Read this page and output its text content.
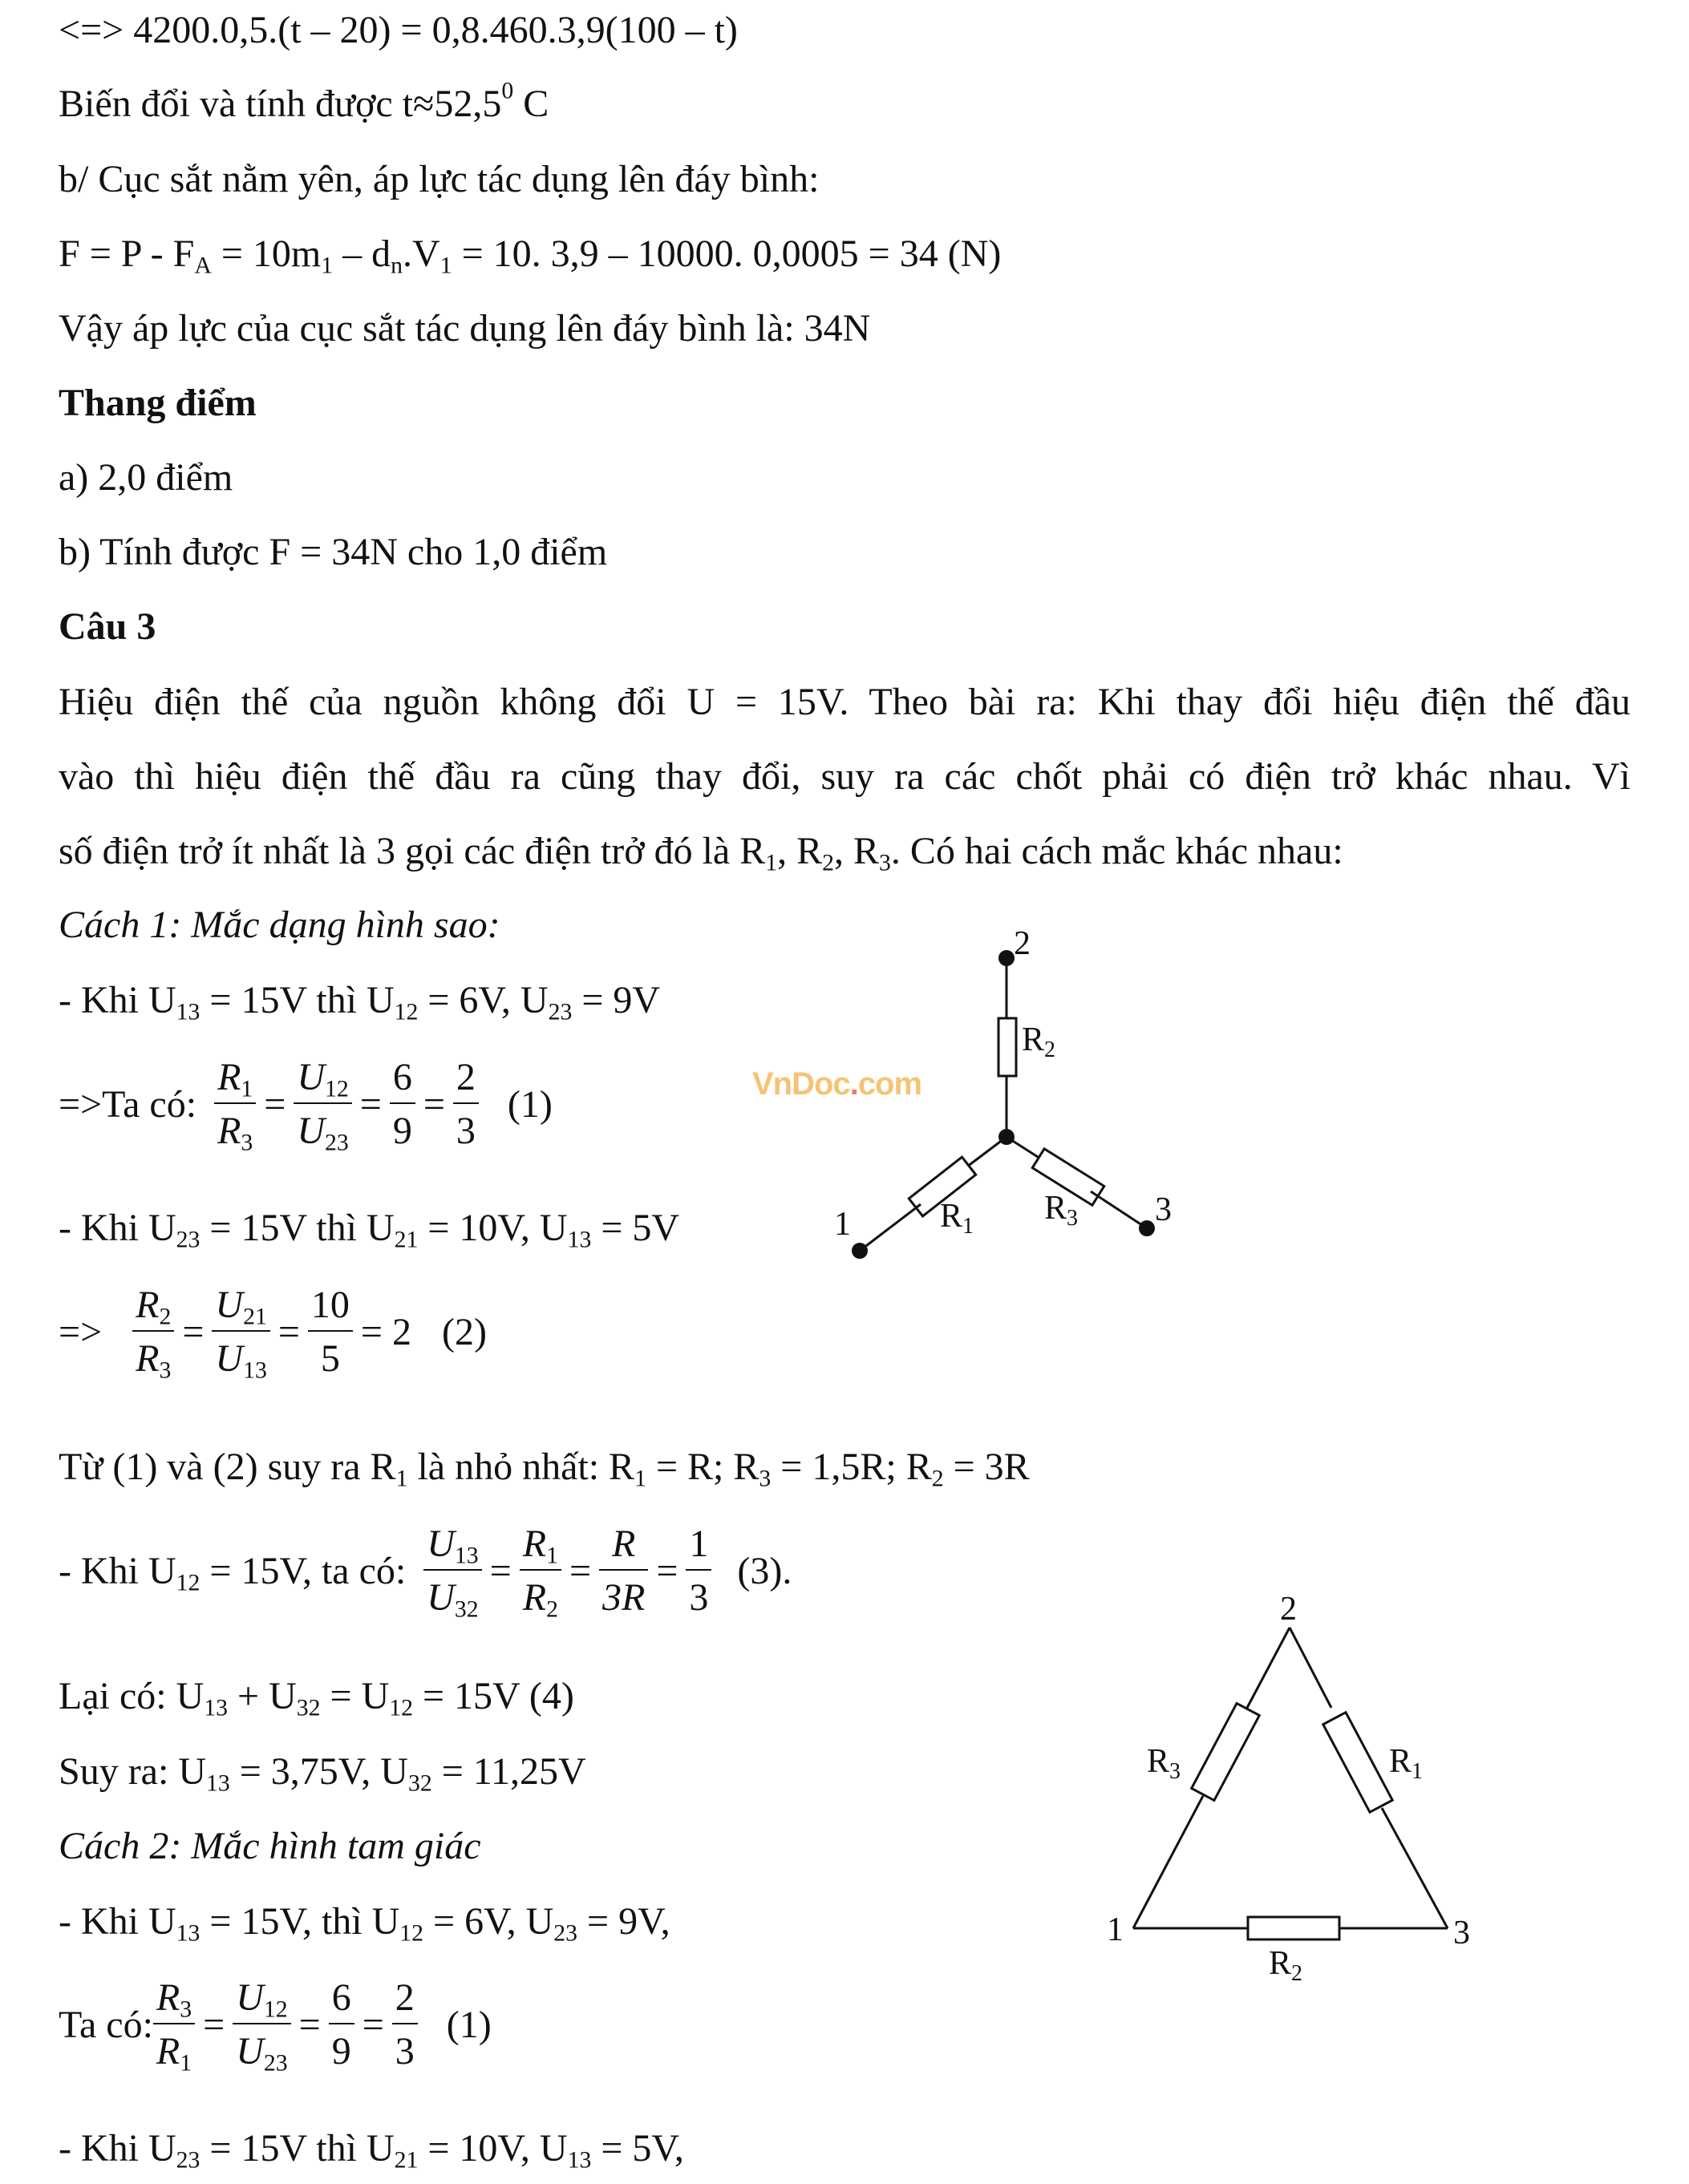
<=> 4200.0,5.(t – 20) = 0,8.460.3,9(100 – t)
Biến đổi và tính được $t\approx 52,5^0$ C
b/ Cục sắt nằm yên, áp lực tác dụng lên đáy bình:
$F = P - F_A = 10m_1 - d_n.V_1 = 10$. 3,9 – 10000. 0,0005 = 34 (N)
Vậy áp lực của cục sắt tác dụng lên đáy bình là: 34N
Thang điểm
a) 2,0 điểm
b) Tính được F = 34N cho 1,0 điểm
Câu 3
Hiệu điện thế của nguồn không đổi U = 15V. Theo bài ra: Khi thay đổi hiệu điện thế đầu
vào thì hiệu điện thế đầu ra cũng thay đổi, suy ra các chốt phải có điện trở khác nhau. Vì
số điện trở ít nhất là 3 gọi các điện trở đó là $R_1$, $R_2$, $R_3$. Có hai cách mắc khác nhau:
Cách 1: Mắc dạng hình sao:
- Khi $U_{13} = 15V$ thì $U_{12} = 6V$, $U_{23} = 9V$
=>Ta có: $\frac{R_1}{R_3} = \frac{U_{12}}{U_{23}} = \frac{6}{9} = \frac{2}{3} (1)$
- Khi $U_{23} = 15V$ thì $U_{21} = 10V$, $U_{13} = 5V$
=> $\frac{R_2}{R_3} = \frac{U_{21}}{U_{13}} = \frac{10}{5} = 2$ (2)
Từ (1) và (2) suy ra $R_1$ là nhỏ nhất: $R_1 = R$; $R_3 = 1,5R$; $R_2 = 3R$
- Khi $U_{12} = 15V$, ta có: $\frac{U_{13}}{U_{32}} = \frac{R_1}{R_2} = \frac{R}{3R} = \frac{1}{3} (3)$.
Lại có: $U_{13} + U_{32} = U_{12} = 15V$ (4)
Suy ra: $U_{13} = 3,75V$, $U_{32} = 11,25V$
Cách 2: Mắc hình tam giác
- Khi $U_{13} = 15V$, thì $U_{12} = 6V$, $U_{23} = 9V$,
Ta có: $\frac{R_3}{R_1} = \frac{U_{12}}{U_{23}} = \frac{6}{9} = \frac{2}{3} (1)$
- Khi $U_{23} = 15V$ thì $U_{21} = 10V$, $U_{13} = 5V$,
VnDoc.com
2
1	3
R2
R1 R3
2
1	3
R3	R1
R2
